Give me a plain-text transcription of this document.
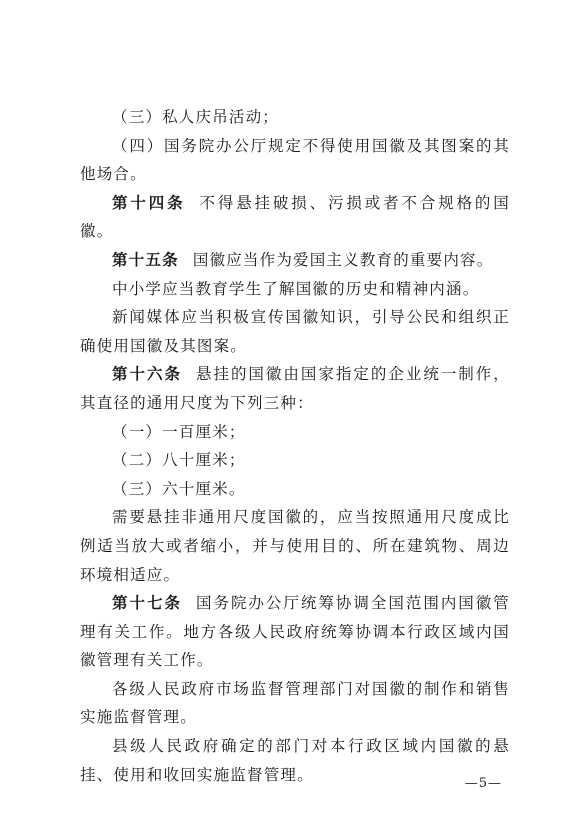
（三）私人庆吊活动；

（四）国务院办公厅规定不得使用国徽及其图案的其他场合。

第十四条 不得悬挂破损、污损或者不合规格的国徽。

第十五条 国徽应当作为爱国主义教育的重要内容。

中小学应当教育学生了解国徽的历史和精神内涵。

新闻媒体应当积极宣传国徽知识，引导公民和组织正确使用国徽及其图案。

第十六条 悬挂的国徽由国家指定的企业统一制作，其直径的通用尺度为下列三种：

（一）一百厘米；

（二）八十厘米；

（三）六十厘米。

需要悬挂非通用尺度国徽的，应当按照通用尺度成比例适当放大或者缩小，并与使用目的、所在建筑物、周边环境相适应。

第十七条 国务院办公厅统筹协调全国范围内国徽管理有关工作。地方各级人民政府统筹协调本行政区域内国徽管理有关工作。

各级人民政府市场监督管理部门对国徽的制作和销售实施监督管理。

县级人民政府确定的部门对本行政区域内国徽的悬挂、使用和收回实施监督管理。	—5—
